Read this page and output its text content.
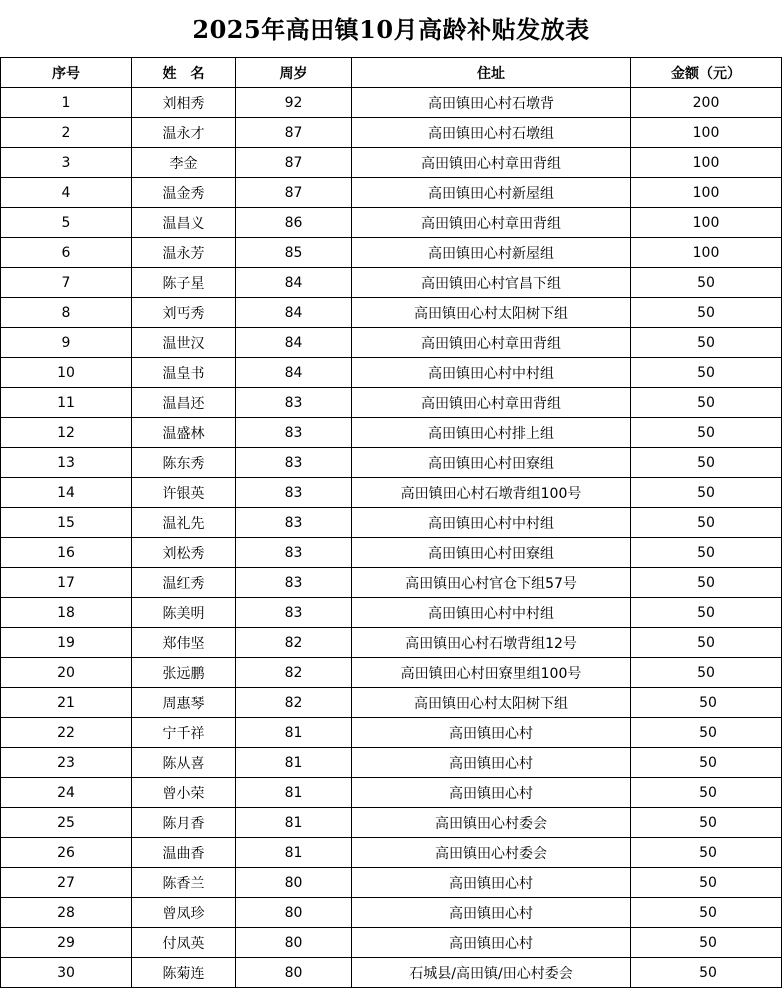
2025年高田镇10月高龄补贴发放表
序号	姓　名	周岁	住址	金额（元）
1	刘相秀	92	高田镇田心村石墩背	200
2	温永才	87	高田镇田心村石墩组	100
3	李金	87	高田镇田心村章田背组	100
4	温金秀	87	高田镇田心村新屋组	100
5	温昌义	86	高田镇田心村章田背组	100
6	温永芳	85	高田镇田心村新屋组	100
7	陈子星	84	高田镇田心村官昌下组	50
8	刘丐秀	84	高田镇田心村太阳树下组	50
9	温世汉	84	高田镇田心村章田背组	50
10	温皇书	84	高田镇田心村中村组	50
11	温昌还	83	高田镇田心村章田背组	50
12	温盛林	83	高田镇田心村排上组	50
13	陈东秀	83	高田镇田心村田寮组	50
14	许银英	83	高田镇田心村石墩背组100号	50
15	温礼先	83	高田镇田心村中村组	50
16	刘松秀	83	高田镇田心村田寮组	50
17	温红秀	83	高田镇田心村官仓下组57号	50
18	陈美明	83	高田镇田心村中村组	50
19	郑伟坚	82	高田镇田心村石墩背组12号	50
20	张远鹏	82	高田镇田心村田寮里组100号	50
21	周惠琴	82	高田镇田心村太阳树下组	50
22	宁千祥	81	高田镇田心村	50
23	陈从喜	81	高田镇田心村	50
24	曾小荣	81	高田镇田心村	50
25	陈月香	81	高田镇田心村委会	50
26	温曲香	81	高田镇田心村委会	50
27	陈香兰	80	高田镇田心村	50
28	曾凤珍	80	高田镇田心村	50
29	付凤英	80	高田镇田心村	50
30	陈菊连	80	石城县/高田镇/田心村委会	50
